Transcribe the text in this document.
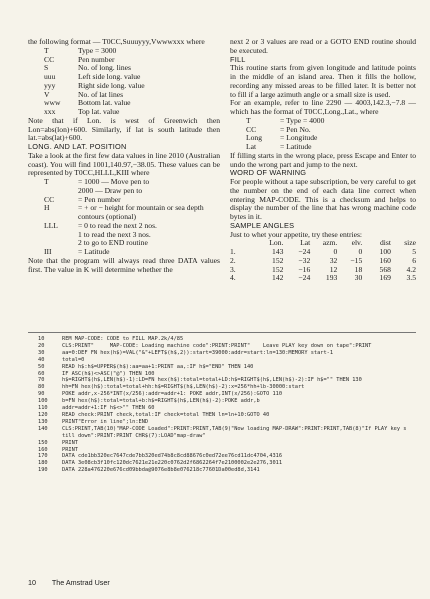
the following format — T0CC,Suuuyyy,Vwwwxxx where

T	Type = 3000
CC	Pen number
S	No. of long. lines
uuu	Left side long. value
yyy	Right side long. value
V	No. of lat lines
www	Bottom lat. value
xxx	Top lat. value

Note that if Lon. is west of Greenwich then Lon=abs(lon)+600. Similarly, if lat is south latitude then lat.=abs(lat)+600.

LONG. AND LAT. POSITION

Take a look at the first few data values in line 2010 (Australian coast). You will find 1001,140.97,−38.05. These values can be represented by T0CC,HLLL,KIII where

T	= 1000 — Move pen to
2000 — Draw pen to
CC	= Pen number
H	= + or − height for mountain or sea depth contours (optional)
LLL	= 0 to read the next 2 nos.
1 to read the next 3 nos.
2 to go to END routine
III	= Latitude

Note that the program will always read three DATA values first. The value in K will determine whether the

next 2 or 3 values are read or a GOTO END routine should be executed.

FILL

This routine starts from given longitude and latitude points in the middle of an island area. Then it fills the hollow, recording any missed areas to be filled later. It is better not to fill if a large azimuth angle or a small size is used.

For an example, refer to line 2290 — 4003,142.3,−7.8 — which has the format of T0CC,Long.,Lat., where

T	= Type = 4000
CC	= Pen No.
Long	= Longitude
Lat	= Latitude

If filling starts in the wrong place, press Escape and Enter to undo the wrong part and jump to the next.

WORD OF WARNING

For people without a tape subscription, be very careful to get the number on the end of each data line correct when entering MAP-CODE. This is a checksum and helps to display the number of the line that has wrong machine code bytes in it.

SAMPLE ANGLES

Just to whet your appetite, try these entries:

	Lon.	Lat	azm.	elv.	dist	size
1.	143	−24	0	0	100	5
2.	152	−32	32	−15	160	6
3.	152	−16	12	18	568	4.2
4.	142	−24	193	30	169	3.5
10	REM MAP-CODE: CODE to FILL MAP.2k/4/85
20	CLS:PRINT"     MAP-CODE: Loading machine code":PRINT:PRINT"    Leave PLAY key down on tape":PRINT
30	aa=0:DEF FN hex(h$)=VAL("&"+LEFT$(h$,2)):start=39000:addr=start:ln=130:MEMORY start-1
40	total=0
50	READ h$:h$=UPPER$(h$):aa=aa+1:PRINT aa,:IF h$="END" THEN 140
60	IF ASC(h$)<>ASC("@") THEN 100
70	h$=RIGHT$(h$,LEN(h$)-1):LD=FN hex(h$):total=total+LD:h$=RIGHT$(h$,LEN(h$)-2):IF h$="" THEN 130
80	hh=FN hex(h$):total=total+hh:h$=RIGHT$(h$,LEN(h$)-2):x=256*hh+lb-30000:start
90	POKE addr,x-256*INT(x/256):addr=addr+1: POKE addr,INT(x/256):GOTO 110
100	b=FN hex(h$):total=total+b:h$=RIGHT$(h$,LEN(h$)-2):POKE addr,b
110	addr=addr+1:IF h$<>"" THEN 60
120	READ check:PRINT check,total:IF check=total THEN ln=ln+10:GOTO 40
130	PRINT"Error in line";ln:END
140	CLS:PRINT,TAB(10)"MAP-CODE Loaded":PRINT:PRINT,TAB(9)"Now loading MAP-DRAW":PRINT:PRINT,TAB(8)"If PLAY key still down":PRINT:PRINT CHR$(7):LOAD"map-draw"
150	PRINT
160	PRINT
170	DATA cde1bb320ec7647cde7bb320ed74b8c8cd88676c0ed72ee76cd11dc4704,4316
180	DATA 3e08cb3f10fc120dc7621e21e220c0762d2f6862264f7e2100002e2e276,3011
190	DATA 228a476220e676cd09bbda@9076e8b8e076218c77601Da00ed8d,3141
10 The Amstrad User
